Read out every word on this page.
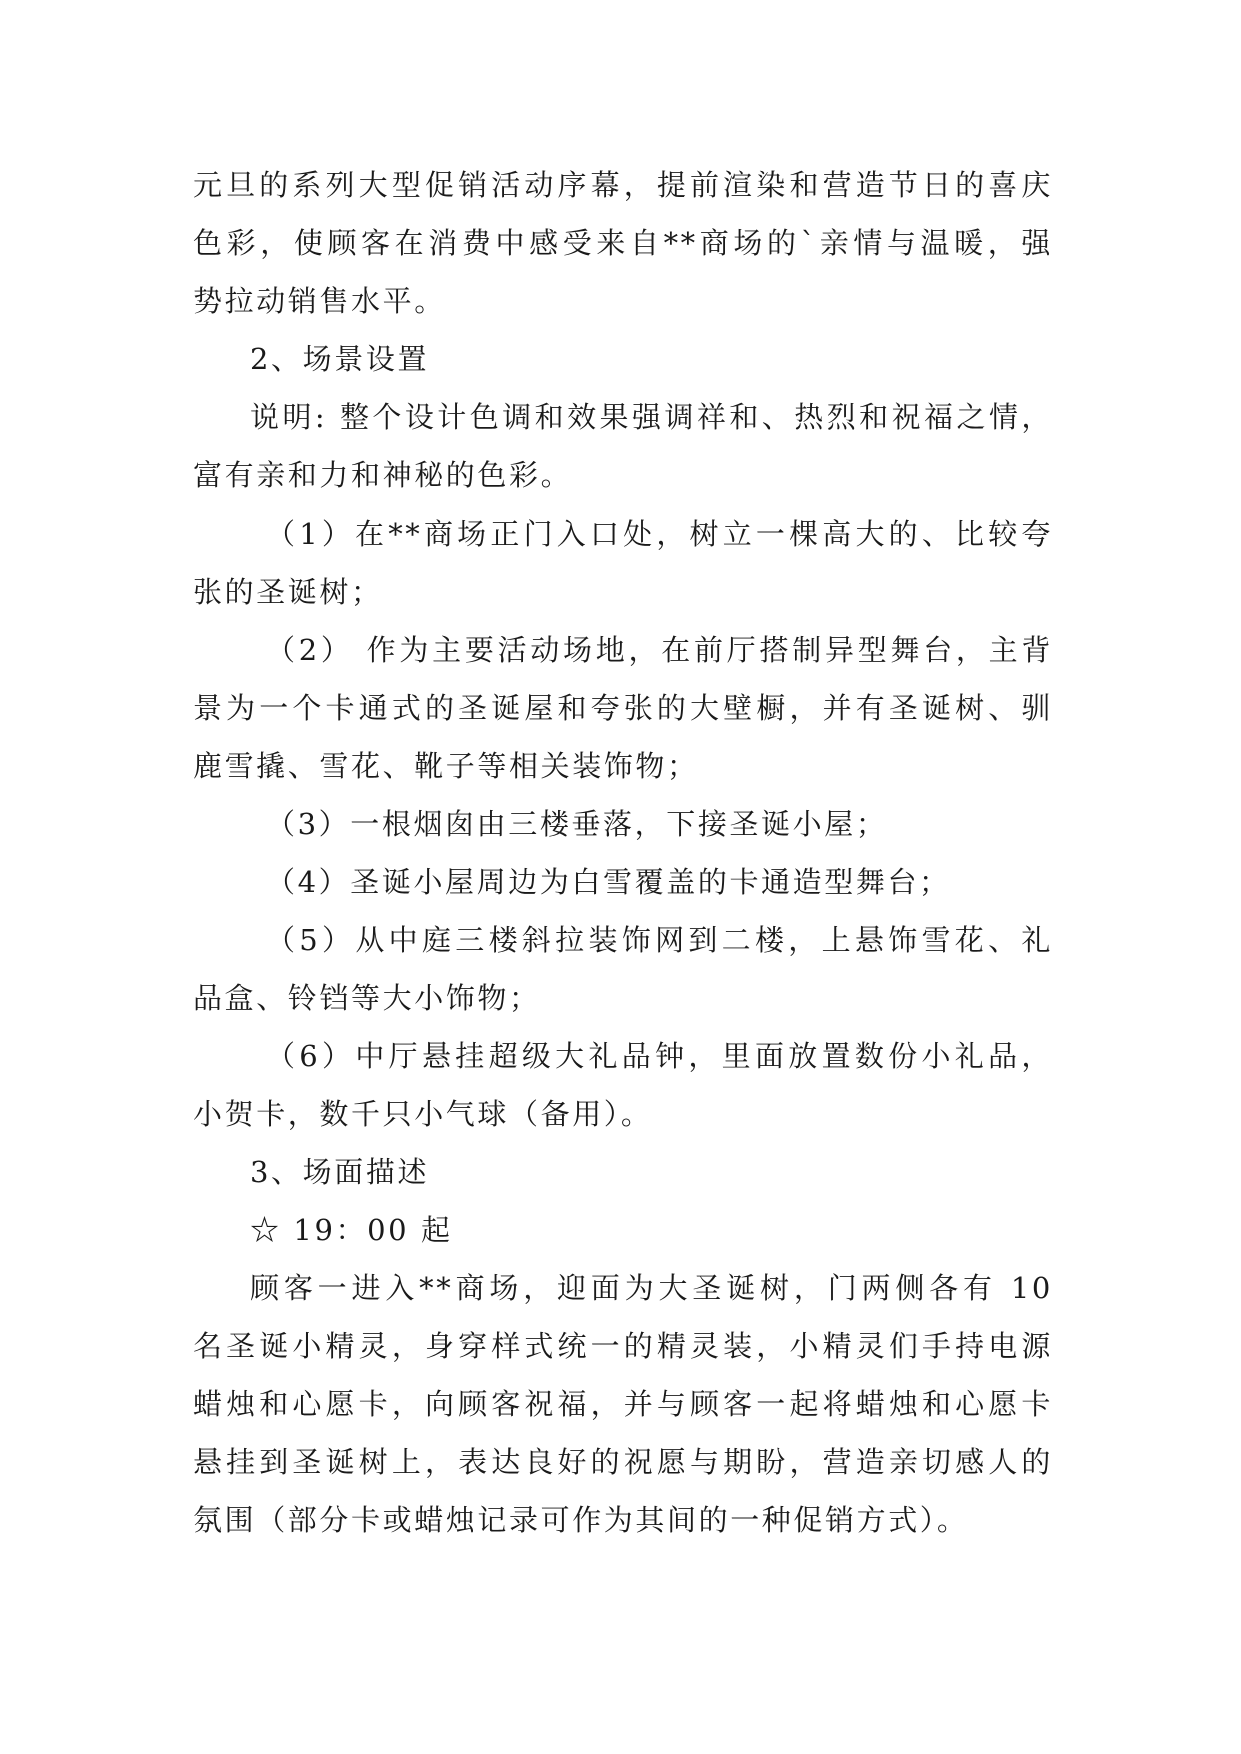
元旦的系列大型促销活动序幕，提前渲染和营造节日的喜庆
色彩，使顾客在消费中感受来自**商场的`亲情与温暖，强
势拉动销售水平。
2、场景设置
说明: 整个设计色调和效果强调祥和、热烈和祝福之情，
富有亲和力和神秘的色彩。
（1）在**商场正门入口处，树立一棵高大的、比较夸
张的圣诞树；
（2） 作为主要活动场地，在前厅搭制异型舞台，主背
景为一个卡通式的圣诞屋和夸张的大壁橱，并有圣诞树、驯
鹿雪撬、雪花、靴子等相关装饰物；
（3）一根烟囱由三楼垂落，下接圣诞小屋；
（4）圣诞小屋周边为白雪覆盖的卡通造型舞台；
（5）从中庭三楼斜拉装饰网到二楼，上悬饰雪花、礼
品盒、铃铛等大小饰物；
（6）中厅悬挂超级大礼品钟，里面放置数份小礼品，
小贺卡，数千只小气球（备用）。
3、场面描述
☆ 19：00 起
顾客一进入**商场，迎面为大圣诞树，门两侧各有 10
名圣诞小精灵，身穿样式统一的精灵装，小精灵们手持电源
蜡烛和心愿卡，向顾客祝福，并与顾客一起将蜡烛和心愿卡
悬挂到圣诞树上，表达良好的祝愿与期盼，营造亲切感人的
氛围（部分卡或蜡烛记录可作为其间的一种促销方式）。
